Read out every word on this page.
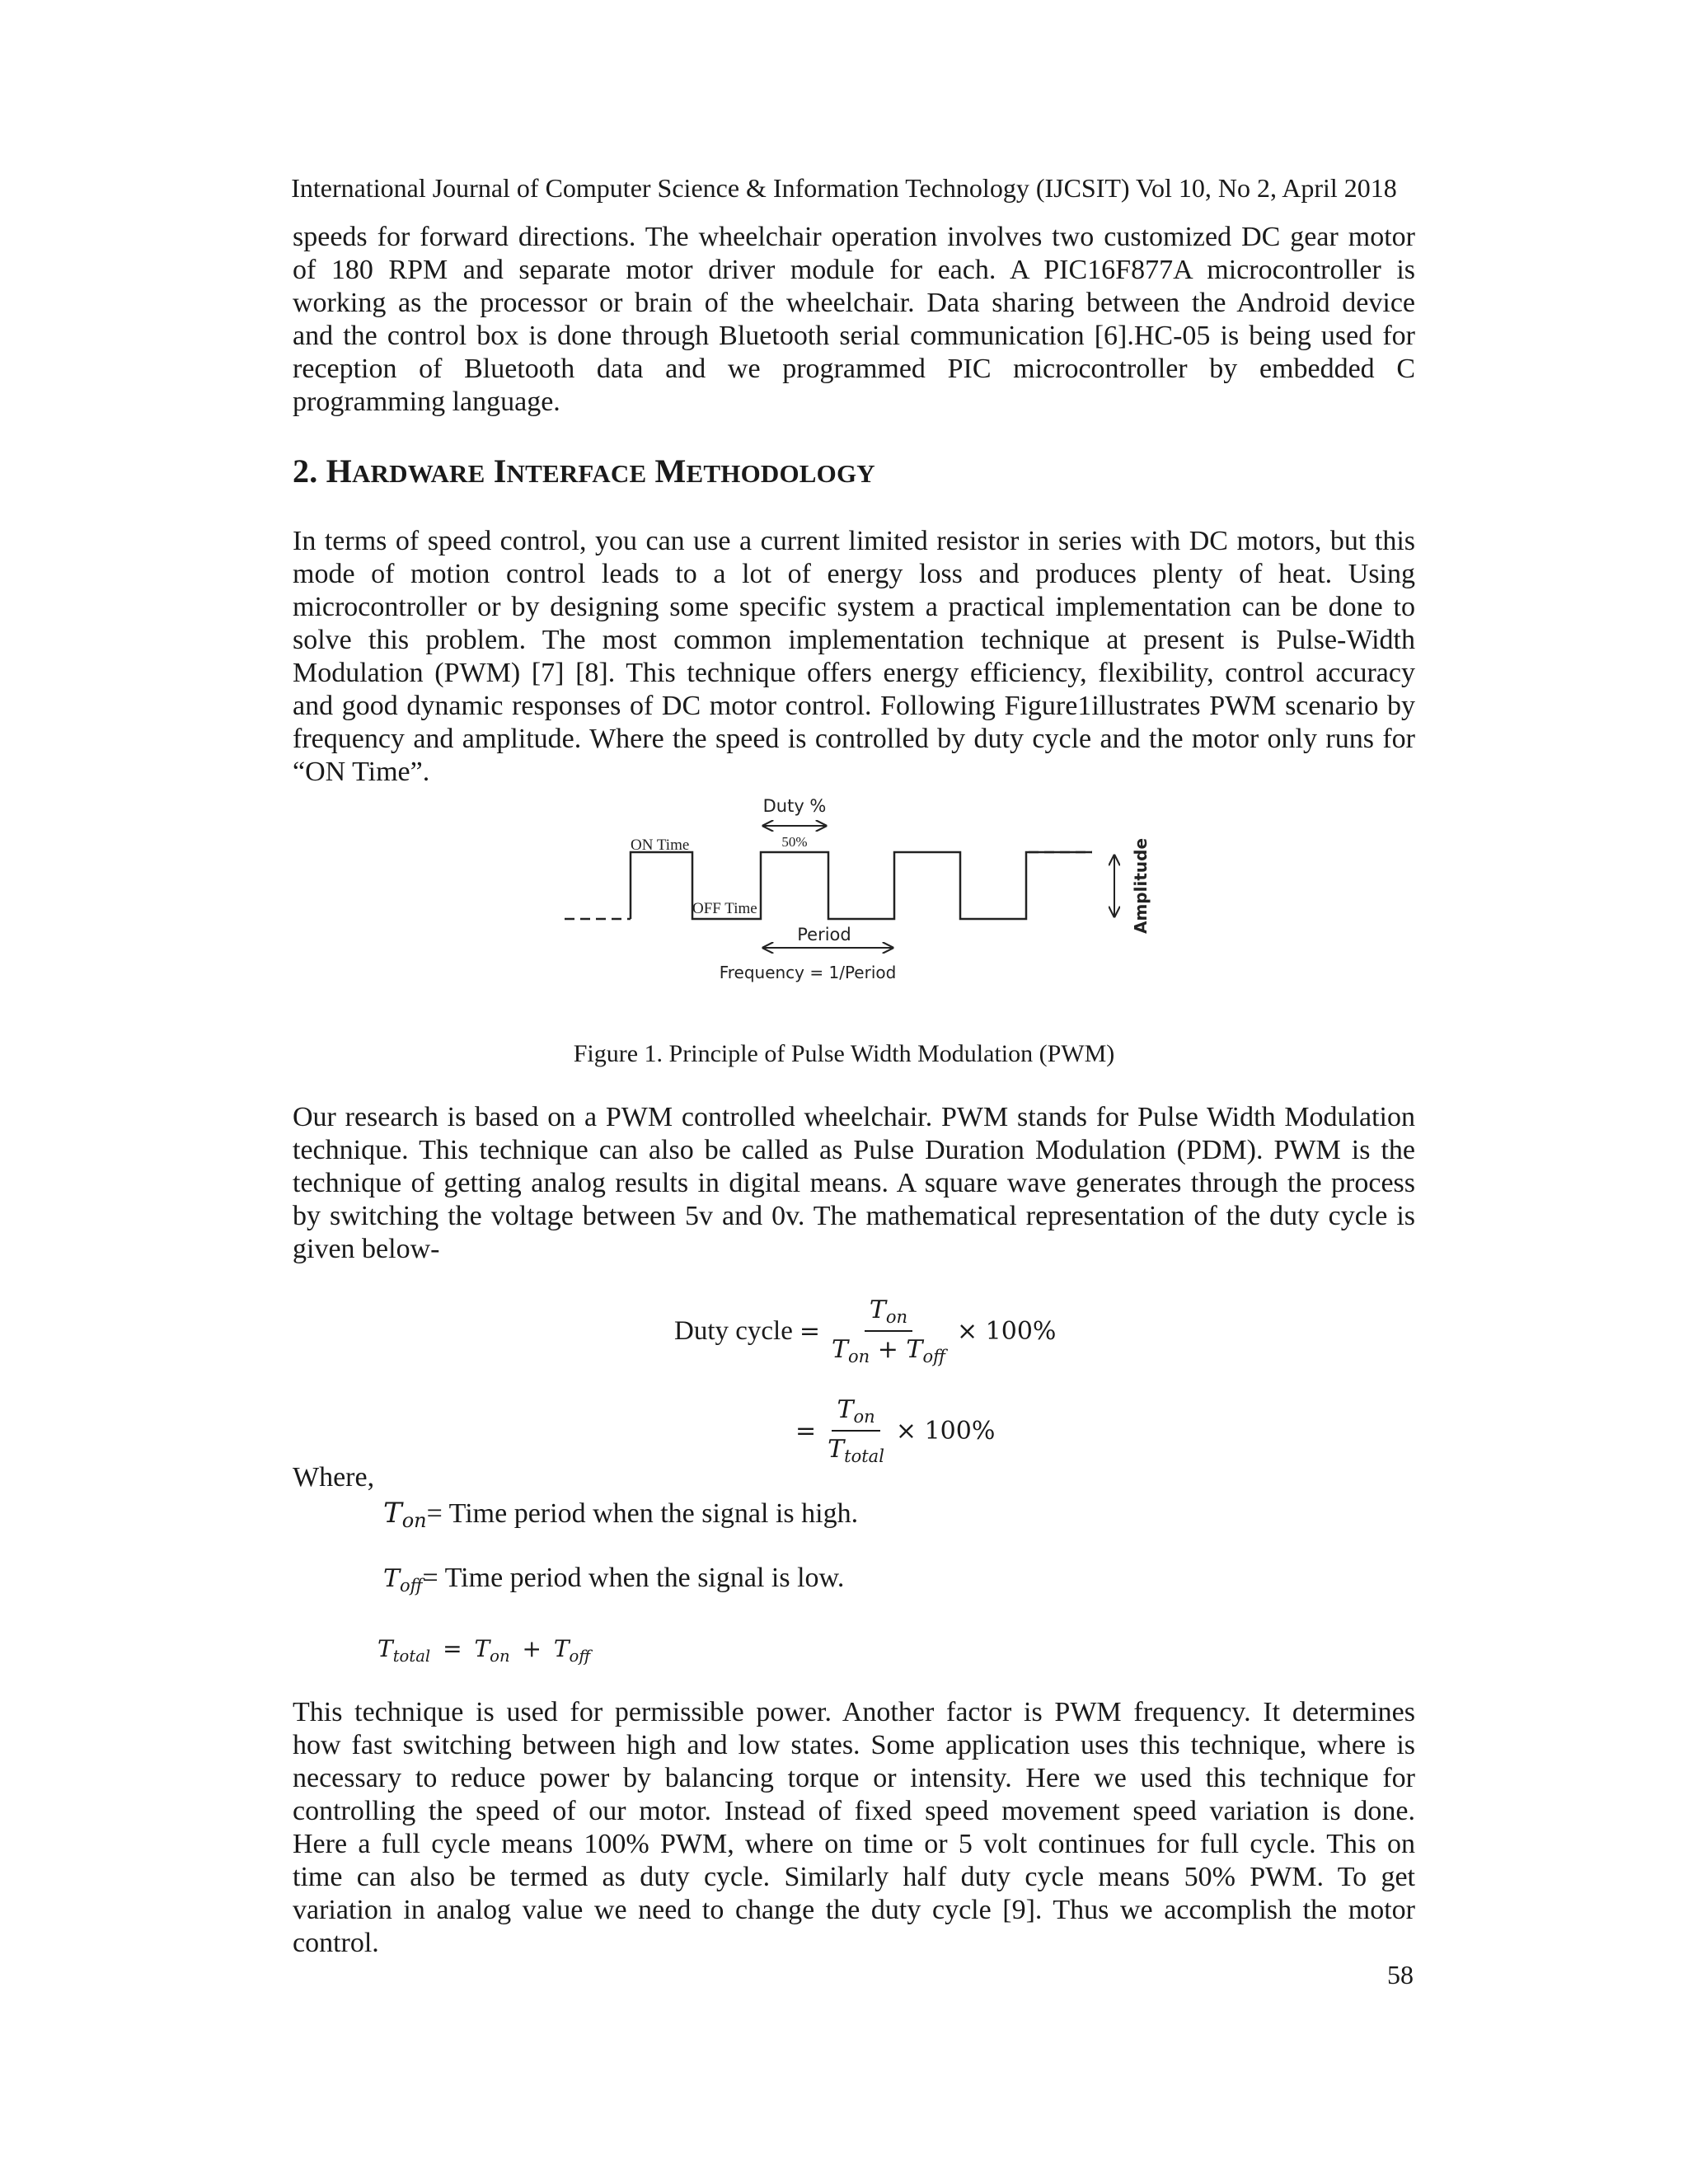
International Journal of Computer Science & Information Technology (IJCSIT) Vol 10, No 2, April 2018

speeds for forward directions. The wheelchair operation involves two customized DC gear motor
of 180 RPM and separate motor driver module for each. A PIC16F877A microcontroller is
working as the processor or brain of the wheelchair. Data sharing between the Android device
and the control box is done through Bluetooth serial communication [6].HC-05 is being used for
reception of Bluetooth data and we programmed PIC microcontroller by embedded C
programming language.

2. HARDWARE INTERFACE METHODOLOGY

In terms of speed control, you can use a current limited resistor in series with DC motors, but this
mode of motion control leads to a lot of energy loss and produces plenty of heat. Using
microcontroller or by designing some specific system a practical implementation can be done to
solve this problem. The most common implementation technique at present is Pulse-Width
Modulation (PWM) [7] [8]. This technique offers energy efficiency, flexibility, control accuracy
and good dynamic responses of DC motor control. Following Figure1illustrates PWM scenario by
frequency and amplitude. Where the speed is controlled by duty cycle and the motor only runs for
“ON Time”.

Duty %
50%
ON Time
OFF Time
Period
Frequency = 1/Period
Amplitude
Figure 1. Principle of Pulse Width Modulation (PWM)

Our research is based on a PWM controlled wheelchair. PWM stands for Pulse Width Modulation
technique. This technique can also be called as Pulse Duration Modulation (PDM). PWM is the
technique of getting analog results in digital means. A square wave generates through the process
by switching the voltage between 5v and 0v. The mathematical representation of the duty cycle is
given below-

Duty cycle = $\frac{T_{on}}{T_{on} + T_{off}} \times 100\%$
= $\frac{T_{on}}{T_{total}} \times 100\%$
Where,
$T_{on}=$ Time period when the signal is high.
$T_{off}=$ Time period when the signal is low.
$T_{total} = T_{on} + T_{off}$

This technique is used for permissible power. Another factor is PWM frequency. It determines
how fast switching between high and low states. Some application uses this technique, where is
necessary to reduce power by balancing torque or intensity. Here we used this technique for
controlling the speed of our motor. Instead of fixed speed movement speed variation is done.
Here a full cycle means 100% PWM, where on time or 5 volt continues for full cycle. This on
time can also be termed as duty cycle. Similarly half duty cycle means 50% PWM. To get
variation in analog value we need to change the duty cycle [9]. Thus we accomplish the motor
control.

58
